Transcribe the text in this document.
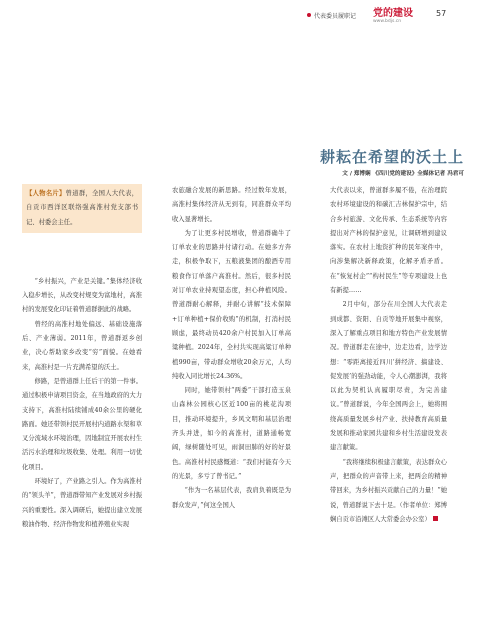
代表委员履职记 党的建设
www.bdjs.cn
57
耕耘在希望的沃土上
文 / 郑博娴 《四川党的建设》全媒体记者 冯君可

【人物名片】曾道群，全国人大代表，自贡市西洋区联络强高淮村党支部书记、村委会主任。

“乡村振兴，产业是关键。”集体经济收入稳步增长，从改变村规变为富地村，高淮村的发展变化印证着曾道群据此的战略。

曾经的高淮村地处偏远、基础设施落后、产业薄弱。2011年，曾道群返乡创业，决心帮助家乡改变“穷”面貌。在她看来，高淮村是一片充满希望的沃土。

修路，是曾道群上任后干的第一件事。通过积极申请项目资金，在当地政府的大力支持下，高淮村陆续铺成40余公里的硬化路面。她还带领村民开展村内道路水渠和草叉分流域水环境治理，因地制宜开展农村生活污水治理和垃圾收集、处理。利用一切优化项目。

环境好了，产业路之引人。作为高淮村的“领头羊”，曾道群带知产业发展对乡村振兴的重要性。深入调研后，她提出建立发展粮油作物、经济作物发和植养殖业实现

农旅融合发展的新思路。经过数年发展，高淮村集体经济从无到有，同准群众平均收入显著增长。

为了让更多村民增收，曾道群确牛了订单农业的思路并付诸行动。在她多方奔走，积极争取下，五粮液集团的酿酒专用粮食作订单落户高淮村。然后，很多村民对订单农业持观望态度，担心种植风险。曾道群耐心解释，并耐心讲解“技术保障+订单种植+保价收购”的机制，打消村民顾虑，最终动员420余户村民加入订单高粱种植。2024年，全村共实现高粱订单种植990亩，带动群众增收20余万元，人均纯收入同比增长24.36%。

同时，她带领村“两委”干部打造玉泉山森林公园核心区近100亩的桃花沟项目，推动环境提升，乡风文明和基层治理齐头并进，如今的高淮村，道路通畅宽阔，绿树随处可见，雨洞田肺的好的好景色。高淮村村民感慨道：“我们村能有今天的光景，多亏了曾书记。”

“作为一名基层代表，我肩负着既是为群众发声，”何这全国人

大代表以来，曾道群多履不倦，在治理院农村环境建设的和碳汇吉林保护宗中，结合乡村旅游、文化传承、生态系统等内容提出对产林的保护意见，让调研增到建议落实。在农村上地资扩种的民年案件中，向涉集解决新释政策，化解矛盾矛盾。在“恢复村企”“构村民生”等专项建设上也有新提……

2月中旬，部分在川全国人大代表走到成都、资阳、自贡等地开展集中视察，深入了解重点项目和地方特色产业发展情况。曾道群走在途中，边走边看，边学边想：“零距离接近四川‘拼经济、搞建设、促发展’的强劲动能，令人心潮澎湃，我将以此为契机认真履职尽责，为完善建议。”曾道群说，今年全国两会上，她将围绕高质量发展乡村产业、扶持教育高质量发展和推动家园共建和乡村生活建设发表建言献策。

“我将继续积极建言献策，表达群众心声，把群众的声音带上来，把两会的精神带回来，为乡村振兴贡献自己的力量！”她说，曾道群说下去十足。（作者单位：郑博娴自贡市沿滩区人大常委会办公室）
